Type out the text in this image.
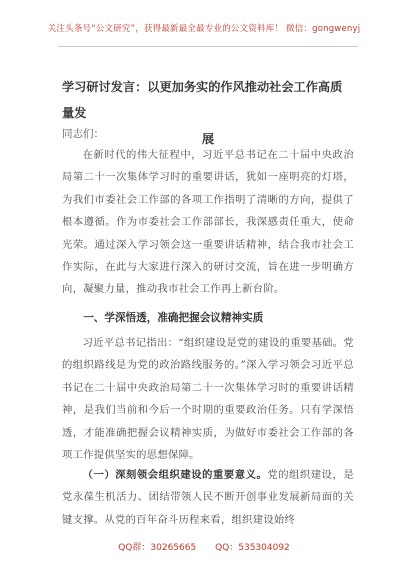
关注头条号“公文研究”，获得最新最全最专业的公文资料库！ 微信：gongwenyj
学习研讨发言：以更加务实的作风推动社会工作高质量发
展
同志们：
在新时代的伟大征程中，习近平总书记在二十届中央政治局第二十一次集体学习时的重要讲话，犹如一座明亮的灯塔，为我们市委社会工作部的各项工作指明了清晰的方向，提供了根本遵循。作为市委社会工作部部长，我深感责任重大，使命光荣。通过深入学习领会这一重要讲话精神，结合我市社会工作实际，在此与大家进行深入的研讨交流，旨在进一步明确方向，凝聚力量，推动我市社会工作再上新台阶。
一、学深悟透，准确把握会议精神实质
习近平总书记指出：“组织建设是党的建设的重要基础。党的组织路线是为党的政治路线服务的。”深入学习领会习近平总书记在二十届中央政治局第二十一次集体学习时的重要讲话精神，是我们当前和今后一个时期的重要政治任务。只有学深悟透，才能准确把握会议精神实质，为做好市委社会工作部的各项工作提供坚实的思想保障。
（一）深刻领会组织建设的重要意义。党的组织建设，是党永葆生机活力、团结带领人民不断开创事业发展新局面的关键支撑。从党的百年奋斗历程来看，组织建设始终
QQ群：30265665 QQ：535304092
